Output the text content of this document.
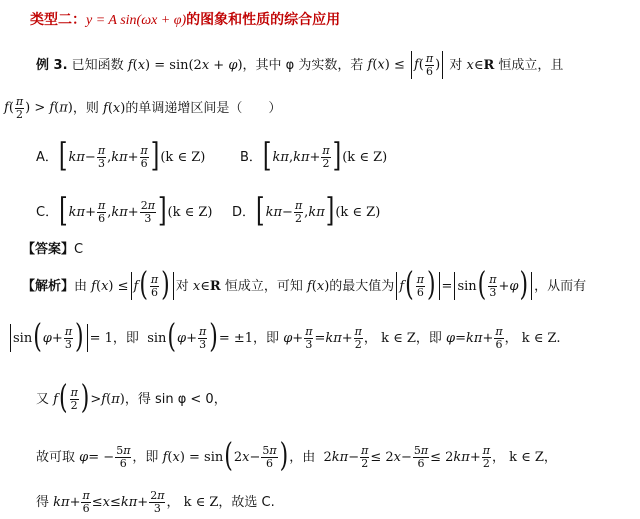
类型二：y = A sin(ωx + φ)的图象和性质的综合应用
例 3.
已知函数
f(x) = sin(2x + φ) ，其中 φ 为实数，若
$f(x) \le f( \frac{\pi}{6}$ )
对
x ∈ R
恒成立，且
$f( \frac{\pi}{2}$ ) > f(π) ，则
f ( x ) 的单调递增区间是（　　）
A． [ $k\pi - \frac{\pi}{3}$ , $k\pi + \frac{\pi}{6}$ ] (k ∈ Z)	B． [ kπ , $k\pi + \frac{\pi}{2}$ ] (k ∈ Z)
C． [ $k\pi + \frac{\pi}{6}$ , $k\pi + \frac{2\pi}{3}$ ] (k ∈ Z) D． [ $k\pi - \frac{\pi}{2}$ , kπ ] (k ∈ Z)
【答案】C
【解析】 由
f ( x ) ≤ f ( $\frac{\pi}{6}$ ) 对
x ∈ R
恒成立，可知
f ( x ) 的最大值为 f ( $\frac{\pi}{6}$ ) =
sin ( $\frac{\pi}{3} + \varphi$ ) ，从而有
sin ( $\varphi + \frac{\pi}{3}$ ) = 1，即 sin ( $\varphi + \frac{\pi}{3}$ ) = ±1，即
$\varphi + \frac{\pi}{3} = k\pi + \frac{\pi}{2}$ ，
k ∈ Z ，即
$\varphi = k\pi + \frac{\pi}{6}$ ，
k ∈ Z.
又
f ( $\frac{\pi}{2}$ ) > f ( π ) ，得 sin φ < 0，
故可取
φ = − $\frac{5\pi}{6}$ ，即
f ( x ) = sin ( 2 $x - \frac{5\pi}{6}$ ) ，由 2 $k\pi - \frac{\pi}{2} \le 2$ $x - \frac{5\pi}{6} \le 2$ $k\pi + \frac{\pi}{2}$ ，
k ∈ Z，
得
$k\pi + \frac{\pi}{6} \le x \le k\pi + \frac{2\pi}{3}$ ，
k ∈ Z ，故选 C.
